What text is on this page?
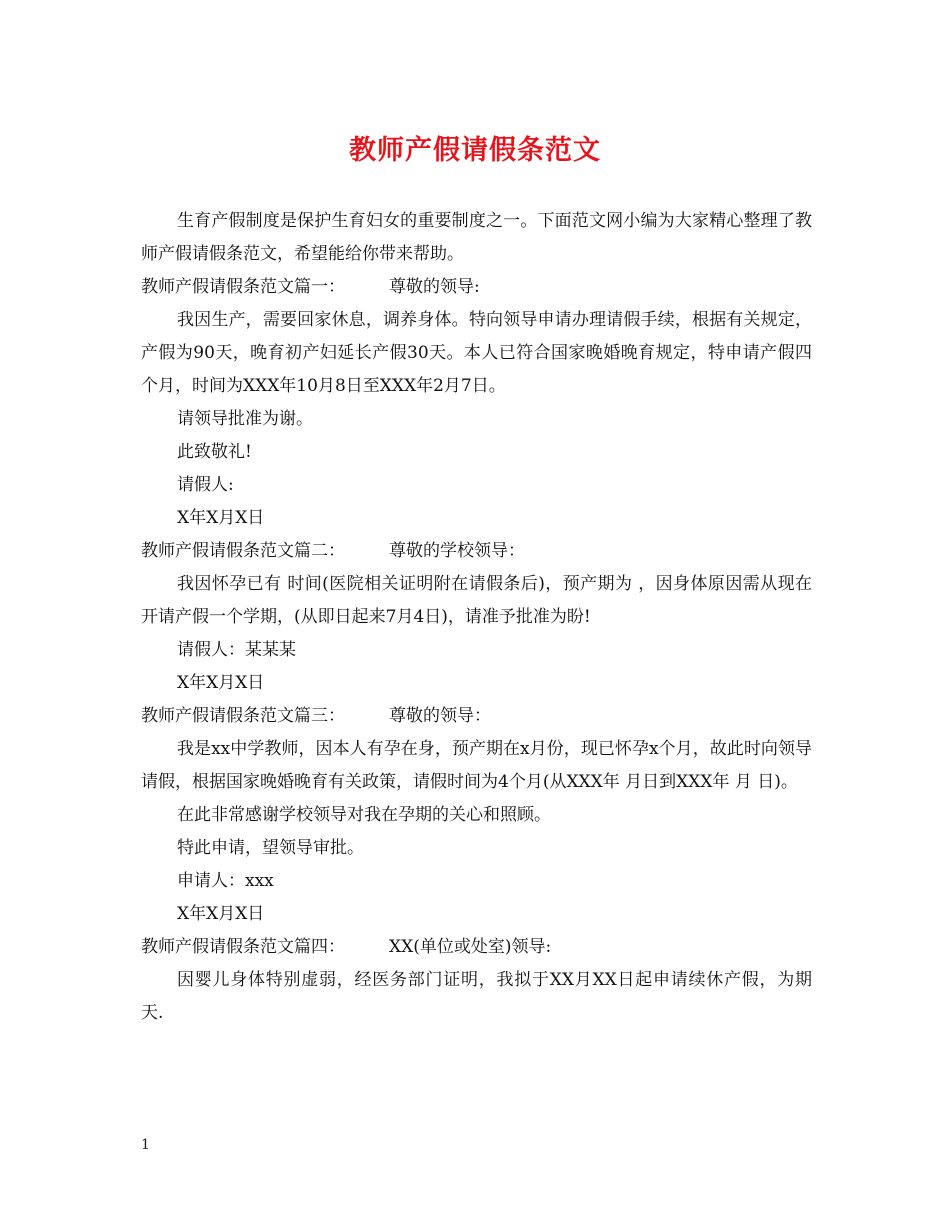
教师产假请假条范文

生育产假制度是保护生育妇女的重要制度之一。下面范文网小编为大家精心整理了教师产假请假条范文，希望能给你带来帮助。

教师产假请假条范文篇一：	尊敬的领导:

我因生产，需要回家休息，调养身体。特向领导申请办理请假手续，根据有关规定，产假为90天，晚育初产妇延长产假30天。本人已符合国家晚婚晚育规定，特申请产假四个月，时间为XXX年10月8日至XXX年2月7日。

请领导批准为谢。

此致敬礼!

请假人:

X年X月X日

教师产假请假条范文篇二：	尊敬的学校领导：

我因怀孕已有 时间(医院相关证明附在请假条后)，预产期为 ，因身体原因需从现在开请产假一个学期，(从即日起来7月4日)，请准予批准为盼!

请假人：某某某

X年X月X日

教师产假请假条范文篇三：	尊敬的领导：

我是xx中学教师，因本人有孕在身，预产期在x月份，现已怀孕x个月，故此时向领导请假，根据国家晚婚晚育有关政策，请假时间为4个月(从XXX年 月日到XXX年 月 日)。

在此非常感谢学校领导对我在孕期的关心和照顾。

特此申请，望领导审批。

申请人：xxx

X年X月X日

教师产假请假条范文篇四：	XX(单位或处室)领导:

因婴儿身体特别虚弱，经医务部门证明，我拟于XX月XX日起申请续休产假，为期 天.

1
